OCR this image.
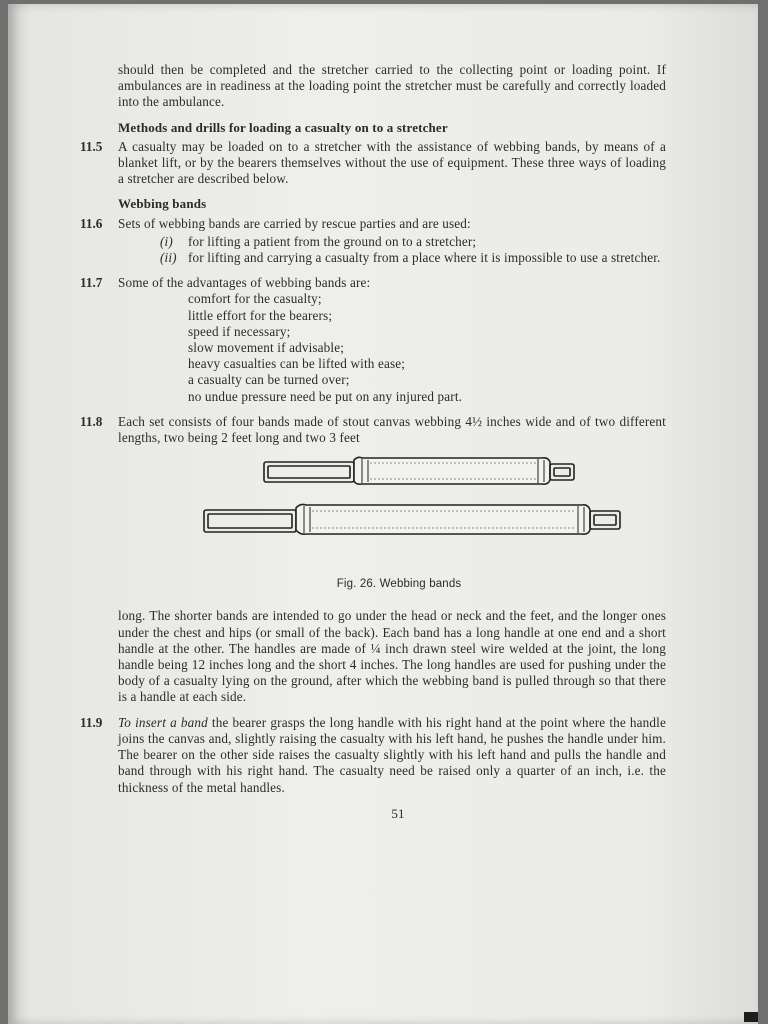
should then be completed and the stretcher carried to the collecting point or loading point. If ambulances are in readiness at the loading point the stretcher must be carefully and correctly loaded into the ambulance.

Methods and drills for loading a casualty on to a stretcher

11.5 A casualty may be loaded on to a stretcher with the assistance of webbing bands, by means of a blanket lift, or by the bearers themselves without the use of equipment. These three ways of loading a stretcher are described below.

Webbing bands

11.6 Sets of webbing bands are carried by rescue parties and are used:

(i) for lifting a patient from the ground on to a stretcher;
(ii) for lifting and carrying a casualty from a place where it is impossible to use a stretcher.
11.7 Some of the advantages of webbing bands are:

comfort for the casualty;
little effort for the bearers;
speed if necessary;
slow movement if advisable;
heavy casualties can be lifted with ease;
a casualty can be turned over;
no undue pressure need be put on any injured part.
11.8 Each set consists of four bands made of stout canvas webbing 4½ inches wide and of two different lengths, two being 2 feet long and two 3 feet

Fig. 26. Webbing bands

long. The shorter bands are intended to go under the head or neck and the feet, and the longer ones under the chest and hips (or small of the back). Each band has a long handle at one end and a short handle at the other. The handles are made of ¼ inch drawn steel wire welded at the joint, the long handle being 12 inches long and the short 4 inches. The long handles are used for pushing under the body of a casualty lying on the ground, after which the webbing band is pulled through so that there is a handle at each side.

11.9 To insert a band the bearer grasps the long handle with his right hand at the point where the handle joins the canvas and, slightly raising the casualty with his left hand, he pushes the handle under him. The bearer on the other side raises the casualty slightly with his left hand and pulls the handle and band through with his right hand. The casualty need be raised only a quarter of an inch, i.e. the thickness of the metal handles.

51
